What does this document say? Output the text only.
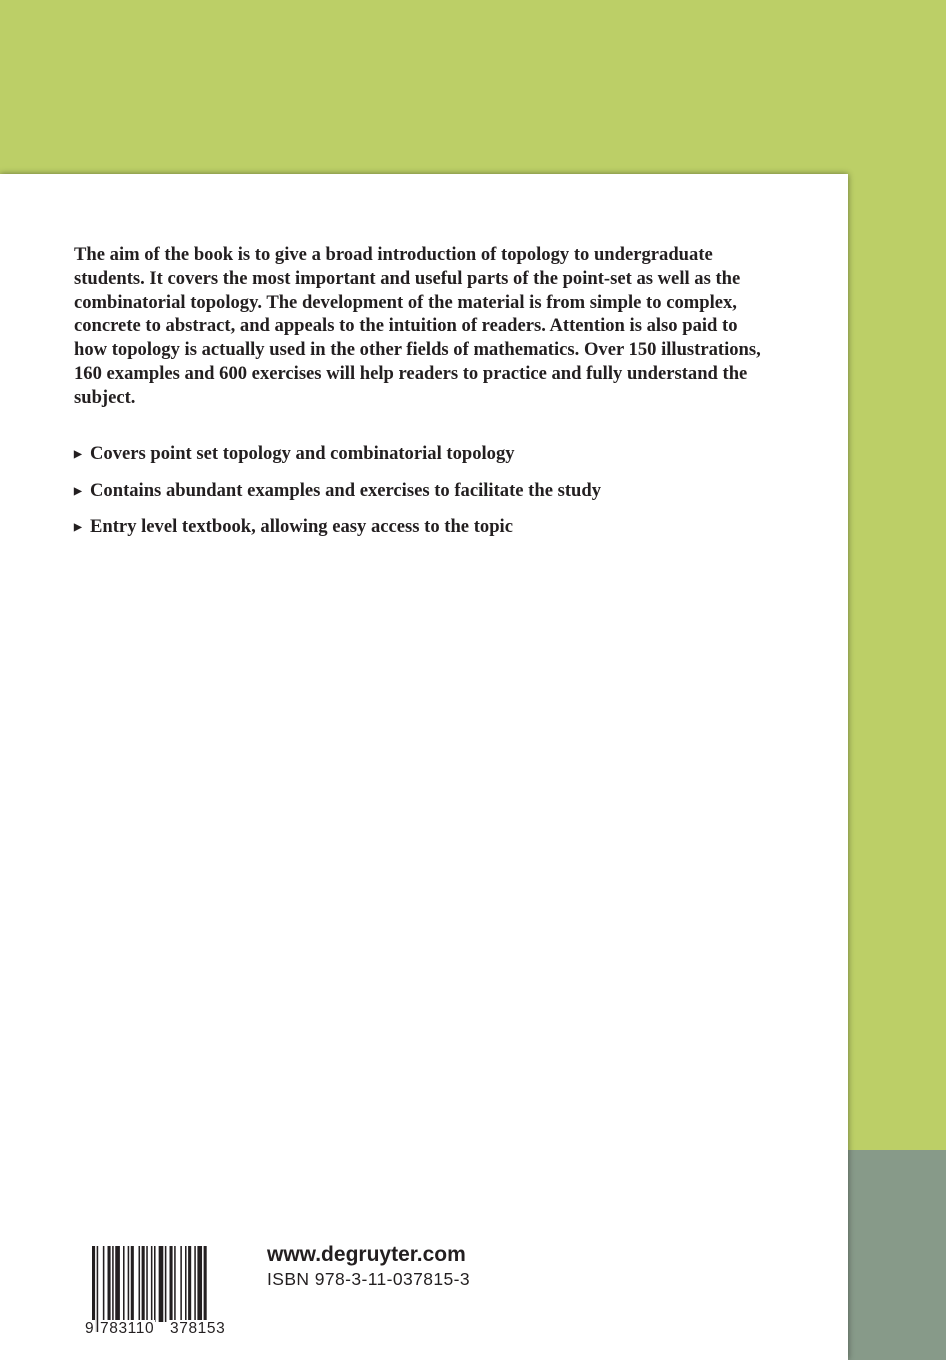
The aim of the book is to give a broad introduction of topology to undergraduate students. It covers the most important and useful parts of the point-set as well as the combinatorial topology. The development of the material is from simple to complex, concrete to abstract, and appeals to the intuition of readers. Attention is also paid to how topology is actually used in the other fields of mathematics. Over 150 illustrations, 160 examples and 600 exercises will help readers to practice and fully understand the subject.

▶ Covers point set topology and combinatorial topology
▶ Contains abundant examples and exercises to facilitate the study
▶ Entry level textbook, allowing easy access to the topic
9 783110 378153

www.degruyter.com

ISBN 978-3-11-037815-3
